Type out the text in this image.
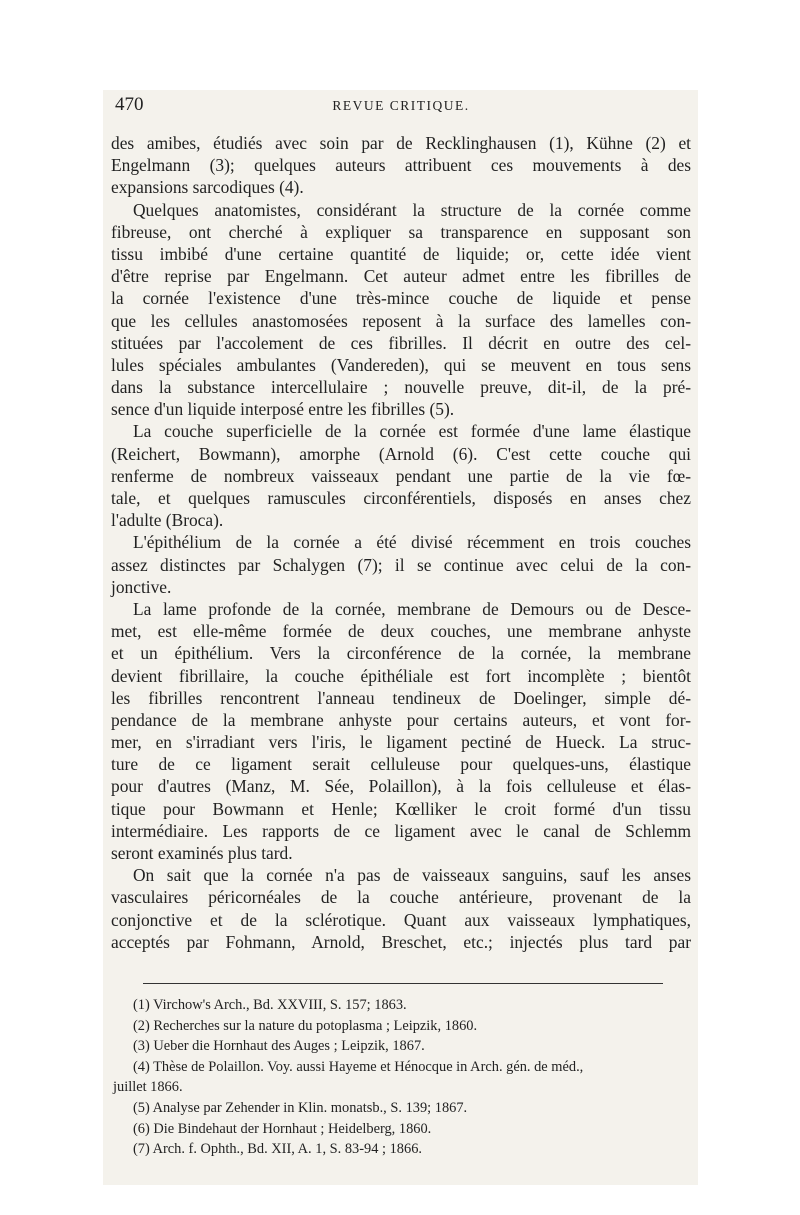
470	REVUE CRITIQUE.
des amibes, étudiés avec soin par de Recklinghausen (1), Kühne (2) et
Engelmann (3); quelques auteurs attribuent ces mouvements à des
expansions sarcodiques (4).
Quelques anatomistes, considérant la structure de la cornée comme
fibreuse, ont cherché à expliquer sa transparence en supposant son
tissu imbibé d'une certaine quantité de liquide; or, cette idée vient
d'être reprise par Engelmann. Cet auteur admet entre les fibrilles de
la cornée l'existence d'une très-mince couche de liquide et pense
que les cellules anastomosées reposent à la surface des lamelles con-
stituées par l'accolement de ces fibrilles. Il décrit en outre des cel-
lules spéciales ambulantes (Vandereden), qui se meuvent en tous sens
dans la substance intercellulaire ; nouvelle preuve, dit-il, de la pré-
sence d'un liquide interposé entre les fibrilles (5).
La couche superficielle de la cornée est formée d'une lame élastique
(Reichert, Bowmann), amorphe (Arnold (6). C'est cette couche qui
renferme de nombreux vaisseaux pendant une partie de la vie fœ-
tale, et quelques ramuscules circonférentiels, disposés en anses chez
l'adulte (Broca).
L'épithélium de la cornée a été divisé récemment en trois couches
assez distinctes par Schalygen (7); il se continue avec celui de la con-
jonctive.
La lame profonde de la cornée, membrane de Demours ou de Desce-
met, est elle-même formée de deux couches, une membrane anhyste
et un épithélium. Vers la circonférence de la cornée, la membrane
devient fibrillaire, la couche épithéliale est fort incomplète ; bientôt
les fibrilles rencontrent l'anneau tendineux de Doelinger, simple dé-
pendance de la membrane anhyste pour certains auteurs, et vont for-
mer, en s'irradiant vers l'iris, le ligament pectiné de Hueck. La struc-
ture de ce ligament serait celluleuse pour quelques-uns, élastique
pour d'autres (Manz, M. Sée, Polaillon), à la fois celluleuse et élas-
tique pour Bowmann et Henle; Kœlliker le croit formé d'un tissu
intermédiaire. Les rapports de ce ligament avec le canal de Schlemm
seront examinés plus tard.
On sait que la cornée n'a pas de vaisseaux sanguins, sauf les anses
vasculaires péricornéales de la couche antérieure, provenant de la
conjonctive et de la sclérotique. Quant aux vaisseaux lymphatiques,
acceptés par Fohmann, Arnold, Breschet, etc.; injectés plus tard par
(1) Virchow's Arch., Bd. XXVIII, S. 157; 1863.
(2) Recherches sur la nature du potoplasma ; Leipzik, 1860.
(3) Ueber die Hornhaut des Auges ; Leipzik, 1867.
(4) Thèse de Polaillon. Voy. aussi Hayeme et Hénocque in Arch. gén. de méd.,
juillet 1866.
(5) Analyse par Zehender in Klin. monatsb., S. 139; 1867.
(6) Die Bindehaut der Hornhaut ; Heidelberg, 1860.
(7) Arch. f. Ophth., Bd. XII, A. 1, S. 83-94 ; 1866.
